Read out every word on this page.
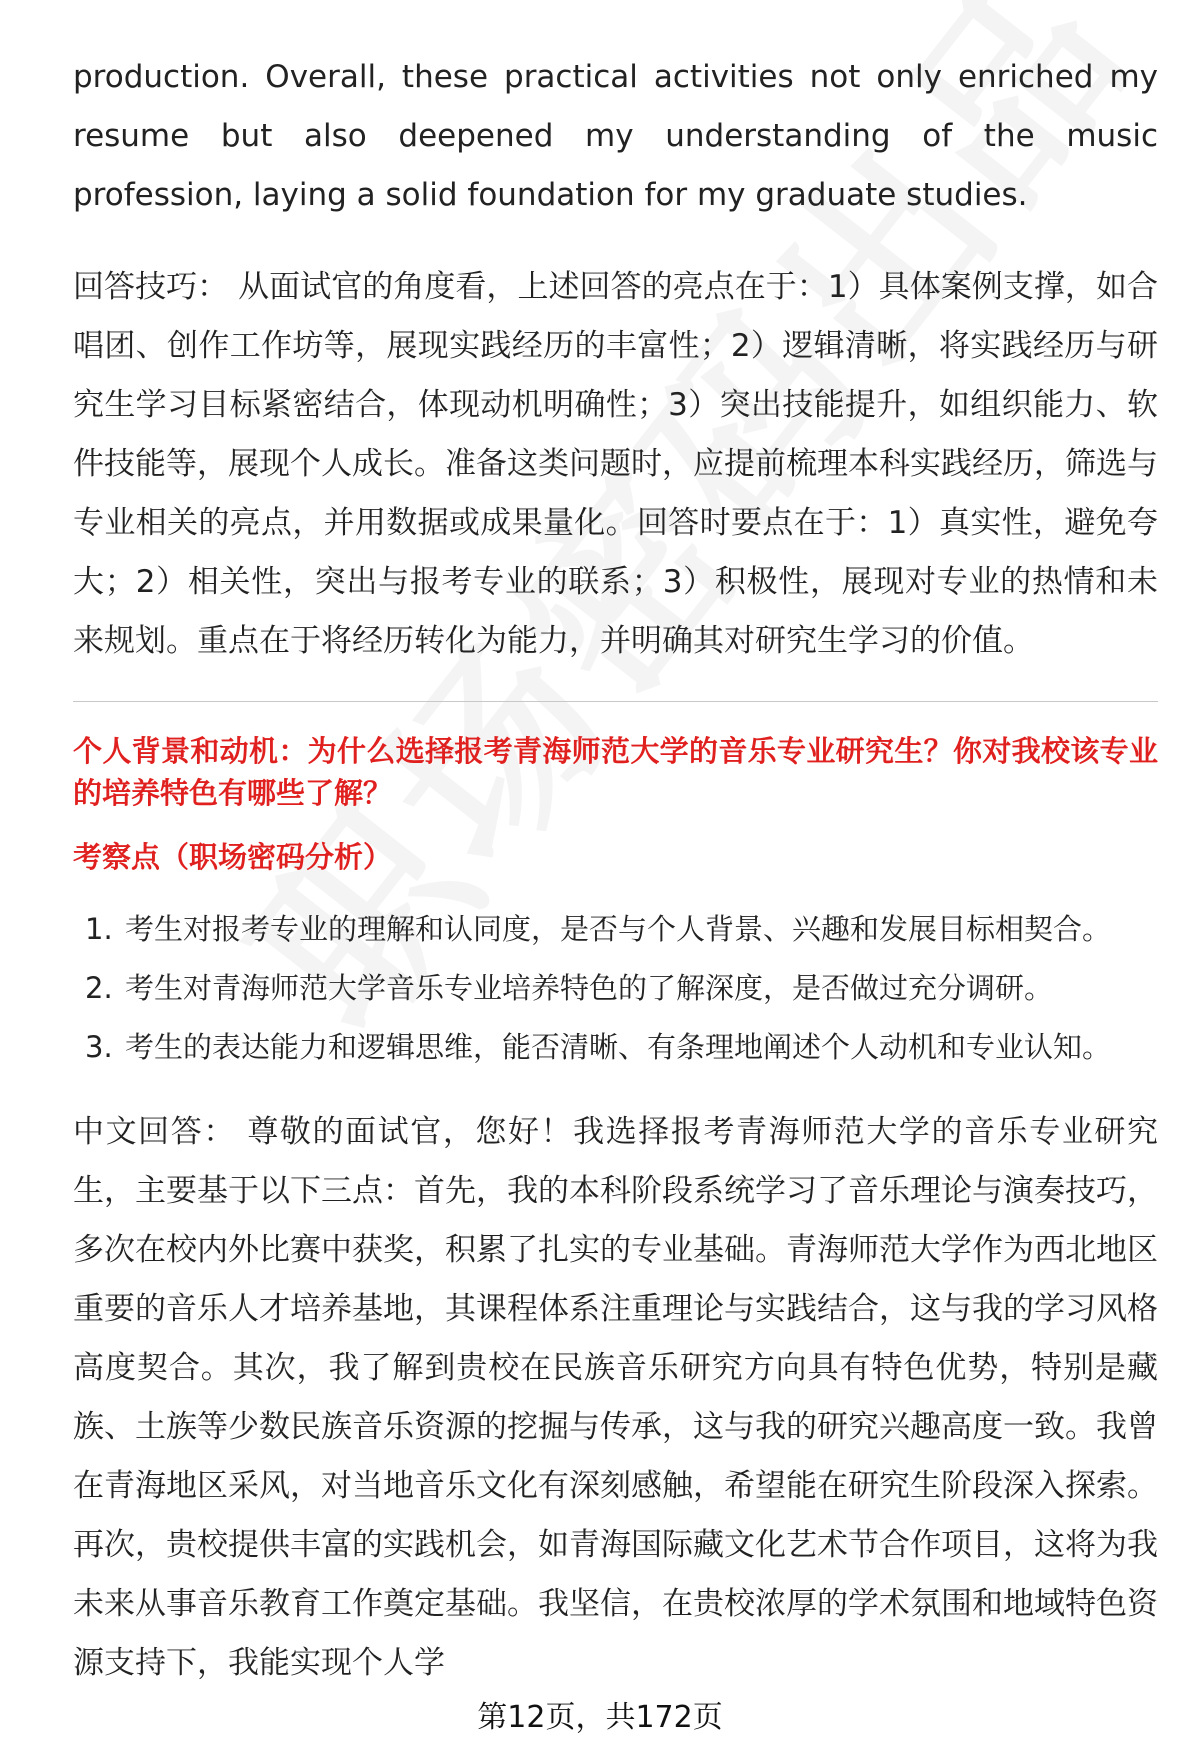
production. Overall, these practical activities not only enriched my resume but also deepened my understanding of the music profession, laying a solid foundation for my graduate studies.

回答技巧： 从面试官的角度看，上述回答的亮点在于：1）具体案例支撑，如合唱团、创作工作坊等，展现实践经历的丰富性；2）逻辑清晰，将实践经历与研究生学习目标紧密结合，体现动机明确性；3）突出技能提升，如组织能力、软件技能等，展现个人成长。准备这类问题时，应提前梳理本科实践经历，筛选与专业相关的亮点，并用数据或成果量化。回答时要点在于：1）真实性，避免夸大；2）相关性，突出与报考专业的联系；3）积极性，展现对专业的热情和未来规划。重点在于将经历转化为能力，并明确其对研究生学习的价值。

个人背景和动机：为什么选择报考青海师范大学的音乐专业研究生？你对我校该专业的培养特色有哪些了解？
考察点（职场密码分析）
1. 考生对报考专业的理解和认同度，是否与个人背景、兴趣和发展目标相契合。
2. 考生对青海师范大学音乐专业培养特色的了解深度，是否做过充分调研。
3. 考生的表达能力和逻辑思维，能否清晰、有条理地阐述个人动机和专业认知。

中文回答： 尊敬的面试官，您好！我选择报考青海师范大学的音乐专业研究生，主要基于以下三点：首先，我的本科阶段系统学习了音乐理论与演奏技巧，多次在校内外比赛中获奖，积累了扎实的专业基础。青海师范大学作为西北地区重要的音乐人才培养基地，其课程体系注重理论与实践结合，这与我的学习风格高度契合。其次，我了解到贵校在民族音乐研究方向具有特色优势，特别是藏族、土族等少数民族音乐资源的挖掘与传承，这与我的研究兴趣高度一致。我曾在青海地区采风，对当地音乐文化有深刻感触，希望能在研究生阶段深入探索。再次，贵校提供丰富的实践机会，如青海国际藏文化艺术节合作项目，这将为我未来从事音乐教育工作奠定基础。我坚信，在贵校浓厚的学术氛围和地域特色资源支持下，我能实现个人学

第12页，共172页
